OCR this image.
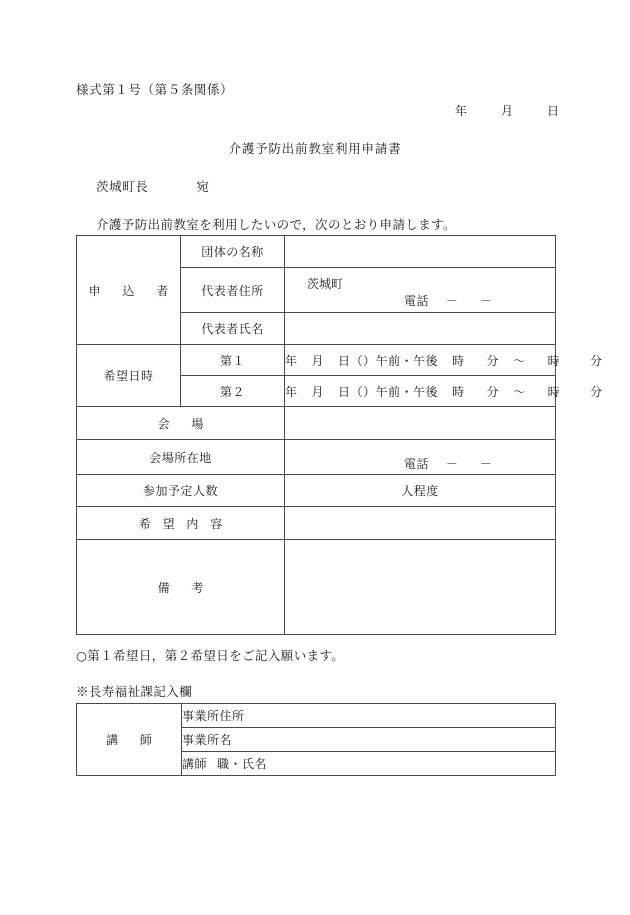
様式第１号（第５条関係）
年	月	日
介護予防出前教室利用申請書
茨城町長	宛
介護予防出前教室を利用したいので，次のとおり申請します。
申 込 者	団体の名称	
	代表者住所	茨城町
電話 － －

	代表者氏名	
希望日時	第１	年 月 日（）午前・午後 時 分 ～ 時 分
	第２	年 月 日（）午前・午後 時 分 ～ 時 分
会 場		
会場所在地		電話 － －

参加予定人数		人程度
希 望 内 容		
備 考		
○第１希望日，第２希望日をご記入願います。
※長寿福祉課記入欄
講 師	事業所住所
事業所名
講師 職・氏名
